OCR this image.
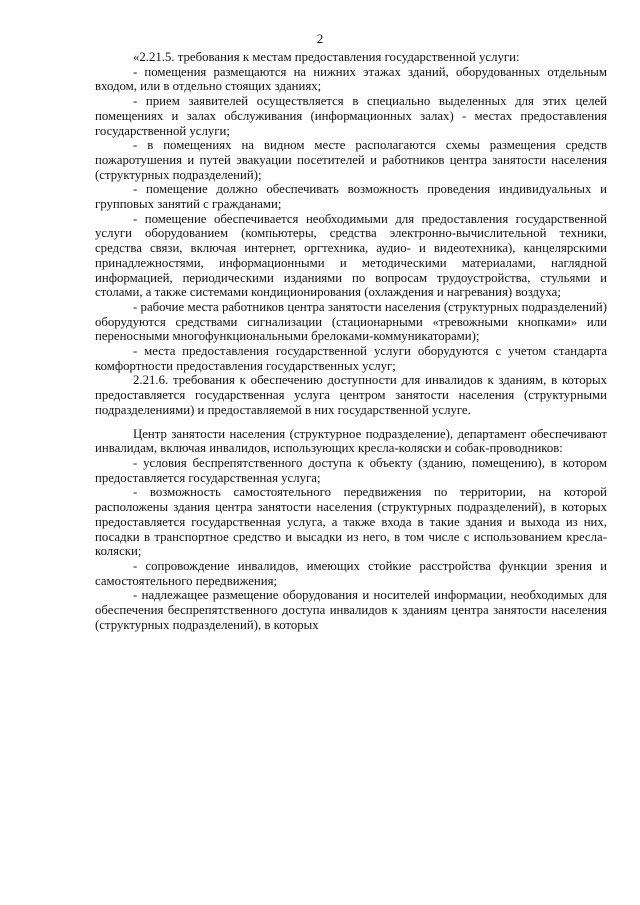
2

«2.21.5. требования к местам предоставления государственной услуги:

- помещения размещаются на нижних этажах зданий, оборудованных отдельным входом, или в отдельно стоящих зданиях;

- прием заявителей осуществляется в специально выделенных для этих целей помещениях и залах обслуживания (информационных залах) - местах предоставления государственной услуги;

- в помещениях на видном месте располагаются схемы размещения средств пожаротушения и путей эвакуации посетителей и работников центра занятости населения (структурных подразделений);

- помещение должно обеспечивать возможность проведения индивидуальных и групповых занятий с гражданами;

- помещение обеспечивается необходимыми для предоставления государственной услуги оборудованием (компьютеры, средства электронно-вычислительной техники, средства связи, включая интернет, оргтехника, аудио- и видеотехника), канцелярскими принадлежностями, информационными и методическими материалами, наглядной информацией, периодическими изданиями по вопросам трудоустройства, стульями и столами, а также системами кондиционирования (охлаждения и нагревания) воздуха;

- рабочие места работников центра занятости населения (структурных подразделений) оборудуются средствами сигнализации (стационарными «тревожными кнопками» или переносными многофункциональными брелоками-коммуникаторами);

- места предоставления государственной услуги оборудуются с учетом стандарта комфортности предоставления государственных услуг;

2.21.6. требования к обеспечению доступности для инвалидов к зданиям, в которых предоставляется государственная услуга центром занятости населения (структурными подразделениями) и предоставляемой в них государственной услуге.

Центр занятости населения (структурное подразделение), департамент обеспечивают инвалидам, включая инвалидов, использующих кресла-коляски и собак-проводников:

- условия беспрепятственного доступа к объекту (зданию, помещению), в котором предоставляется государственная услуга;

- возможность самостоятельного передвижения по территории, на которой расположены здания центра занятости населения (структурных подразделений), в которых предоставляется государственная услуга, а также входа в такие здания и выхода из них, посадки в транспортное средство и высадки из него, в том числе с использованием кресла-коляски;

- сопровождение инвалидов, имеющих стойкие расстройства функции зрения и самостоятельного передвижения;

- надлежащее размещение оборудования и носителей информации, необходимых для обеспечения беспрепятственного доступа инвалидов к зданиям центра занятости населения (структурных подразделений), в которых
